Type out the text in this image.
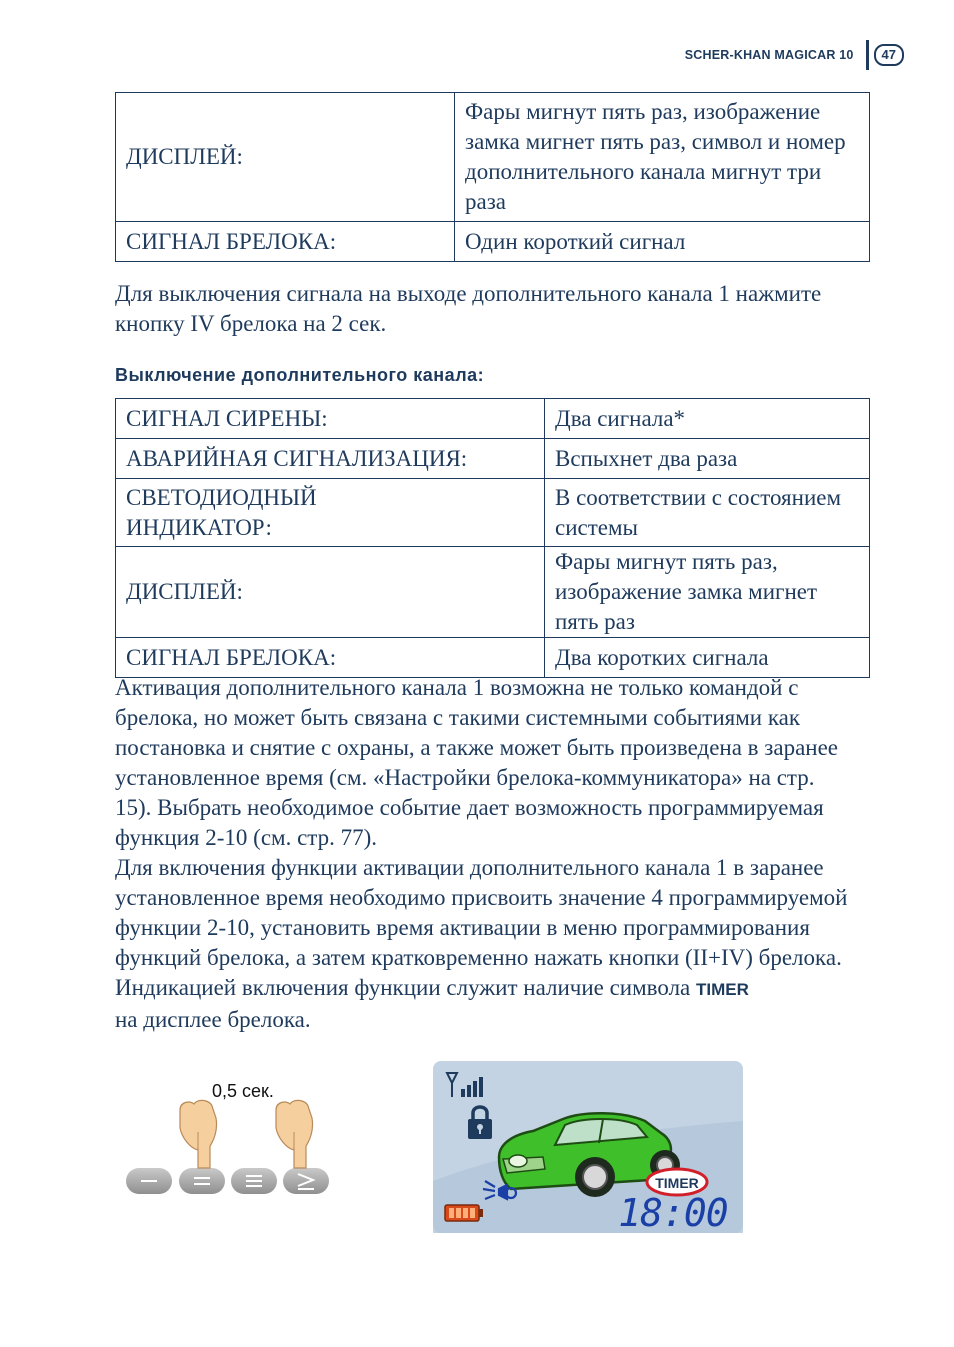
SCHER-KHAN MAGICAR 10	47
ДИСПЛЕЙ:	Фары мигнут пять раз, изображение замка мигнет пять раз, символ и номер дополнительного канала мигнут три раза
СИГНАЛ БРЕЛОКА:	Один короткий сигнал

Для выключения сигнала на выходе дополнительного канала 1 нажмите кнопку IV брелока на 2 сек.

Выключение дополнительного канала:
СИГНАЛ СИРЕНЫ:	Два сигнала*
АВАРИЙНАЯ СИГНАЛИЗАЦИЯ:	Вспыхнет два раза
СВЕТОДИОДНЫЙ ИНДИКАТОР:	В соответствии с состоянием системы
ДИСПЛЕЙ:	Фары мигнут пять раз, изображение замка мигнет пять раз
СИГНАЛ БРЕЛОКА:	Два коротких сигнала

Активация дополнительного канала 1 возможна не только командой с брелока, но может быть связана с такими системными событиями как постановка и снятие с охраны, а также может быть произведена в заранее установленное время (см. «Настройки брелока-коммуникатора» на стр. 15). Выбрать необходимое событие дает возможность программируемая функция 2-10 (см. стр. 77).

Для включения функции активации дополнительного канала 1 в заранее установленное время необходимо присвоить значение 4 программируемой функции 2-10, установить время активации в меню программирования функций брелока, а затем кратковременно нажать кнопки (II+IV) брелока. Индикацией включения функции служит наличие символа TIMER
на дисплее брелока.

0,5 сек.
TIMER
18:00
